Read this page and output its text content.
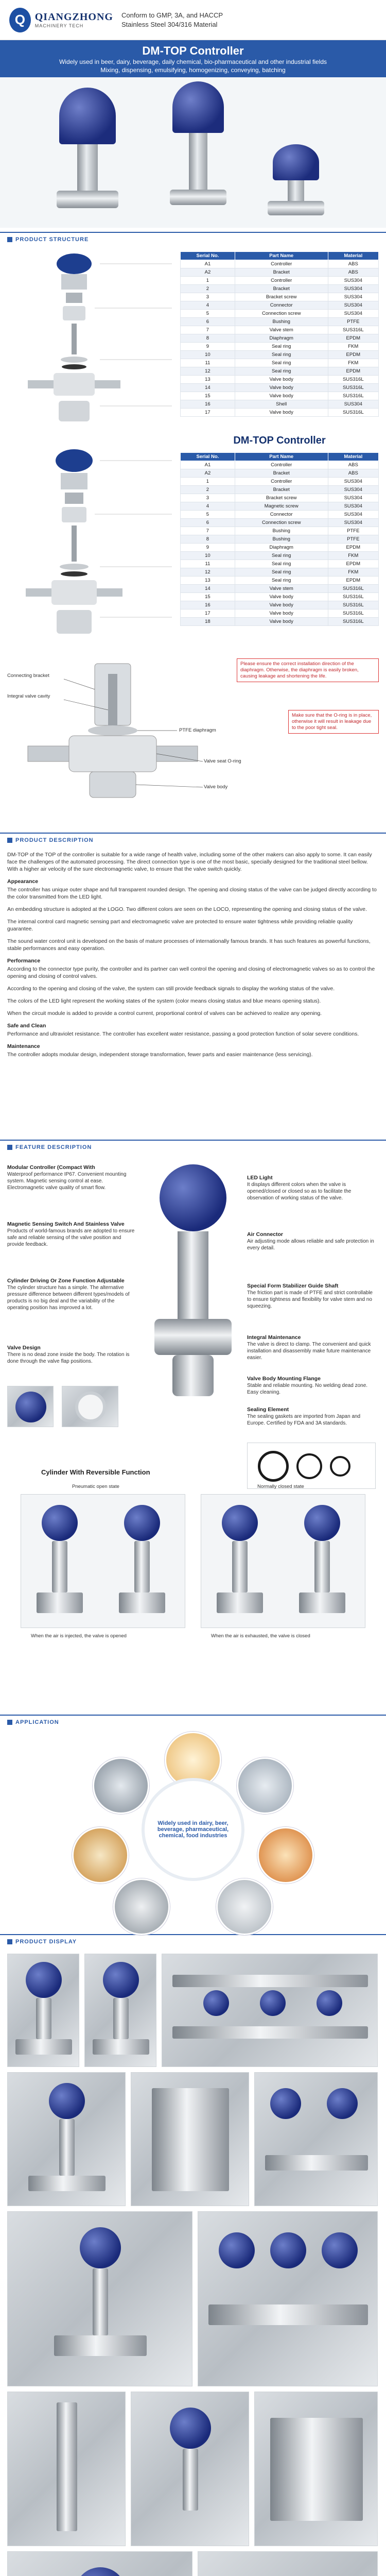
Q QIANGZHONG
MACHINERY TECH

Conform to GMP, 3A, and HACCP

Stainless Steel 304/316 Material

DM-TOP Controller

Widely used in beer, dairy, beverage, daily chemical, bio-pharmaceutical and other industrial fields

Mixing, dispensing, emulsifying, homogenizing, conveying, batching

PRODUCT STRUCTURE
Serial No.	Part Name	Material
A1	Controller	ABS
A2	Bracket	ABS
1	Controller	SUS304
2	Bracket	SUS304
3	Bracket screw	SUS304
4	Connector	SUS304
5	Connection screw	SUS304
6	Bushing	PTFE
7	Valve stem	SUS316L
8	Diaphragm	EPDM
9	Seal ring	FKM
10	Seal ring	EPDM
11	Seal ring	FKM
12	Seal ring	EPDM
13	Valve body	SUS316L
14	Valve body	SUS316L
15	Valve body	SUS316L
16	Shell	SUS304
17	Valve body	SUS316L
DM-TOP Controller
Serial No.	Part Name	Material
A1	Controller	ABS
A2	Bracket	ABS
1	Controller	SUS304
2	Bracket	SUS304
3	Bracket screw	SUS304
4	Magnetic screw	SUS304
5	Connector	SUS304
6	Connection screw	SUS304
7	Bushing	PTFE
8	Bushing	PTFE
9	Diaphragm	EPDM
10	Seal ring	FKM
11	Seal ring	EPDM
12	Seal ring	FKM
13	Seal ring	EPDM
14	Valve stem	SUS316L
15	Valve body	SUS316L
16	Valve body	SUS316L
17	Valve body	SUS316L
18	Valve body	SUS316L
Connecting bracket
Integral valve cavity
PTFE diaphragm
Valve seat O-ring
Valve body
Please ensure the correct installation direction of the diaphragm. Otherwise, the diaphragm is easily broken, causing leakage and shortening the life.
Make sure that the O-ring is in place, otherwise it will result in leakage due to the poor tight seal.
PRODUCT DESCRIPTION

DM-TOP of the TOP of the controller is suitable for a wide range of health valve, including some of the other makers can also apply to some. It can easily face the challenges of the automated processing. The direct connection type is one of the most basic, specially designed for the traditional steel bellow. With a higher air velocity of the sure electromagnetic valve, to ensure that the valve switch quickly.

Appearance

The controller has unique outer shape and full transparent rounded design. The opening and closing status of the valve can be judged directly according to the color transmitted from the LED light.

An embedding structure is adopted at the LOGO. Two different colors are seen on the LOCO, representing the opening and closing status of the valve.

The internal control card magnetic sensing part and electromagnetic valve are protected to ensure water tightness while providing reliable quality guarantee.

The sound water control unit is developed on the basis of mature processes of internationally famous brands. It has such features as powerful functions, stable performances and easy operation.

Performance

According to the connector type purity, the controller and its partner can well control the opening and closing of electromagnetic valves so as to control the opening and closing of control valves.

According to the opening and closing of the valve, the system can still provide feedback signals to display the working status of the valve.

The colors of the LED light represent the working states of the system (color means closing status and blue means opening status).

When the circuit module is added to provide a control current, proportional control of valves can be achieved to realize any opening.

Safe and Clean

Performance and ultraviolet resistance. The controller has excellent water resistance, passing a good protection function of solar severe conditions.

Maintenance

The controller adopts modular design, independent storage transformation, fewer parts and easier maintenance (less servicing).

FEATURE DESCRIPTION
Modular Controller (Compact With
Waterproof performance IP67. Convenient mounting system. Magnetic sensing control at ease. Electromagnetic valve quality of smart flow.
LED Light
It displays different colors when the valve is opened/closed or closed so as to facilitate the observation of working status of the valve.
Magnetic Sensing Switch And Stainless Valve
Products of world-famous brands are adopted to ensure safe and reliable sensing of the valve position and provide feedback.
Air Connector
Air adjusting mode allows reliable and safe protection in every detail.
Cylinder Driving Or Zone Function Adjustable
The cylinder structure has a simple. The alternative pressure difference between different types/models of products is no big deal and the variability of the operating position has improved a lot.
Special Form Stabilizer Guide Shaft
The friction part is made of PTFE and strict controllable to ensure tightness and flexibility for valve stem and no squeezing.
Valve Design
There is no dead zone inside the body. The rotation is done through the valve flap positions.
Integral Maintenance
The valve is direct to clamp. The convenient and quick installation and disassembly make future maintenance easier.
Valve Body Mounting Flange
Stable and reliable mounting. No welding dead zone. Easy cleaning.
Sealing Element
The sealing gaskets are imported from Japan and Europe. Certified by FDA and 3A standards.
Cylinder With Reversible Function
Pneumatic open state	Normally closed state
When the air is injected, the valve is opened	When the air is exhausted, the valve is closed
APPLICATION
Widely used in dairy, beer, beverage, pharmaceutical, chemical, food industries
PRODUCT DISPLAY
